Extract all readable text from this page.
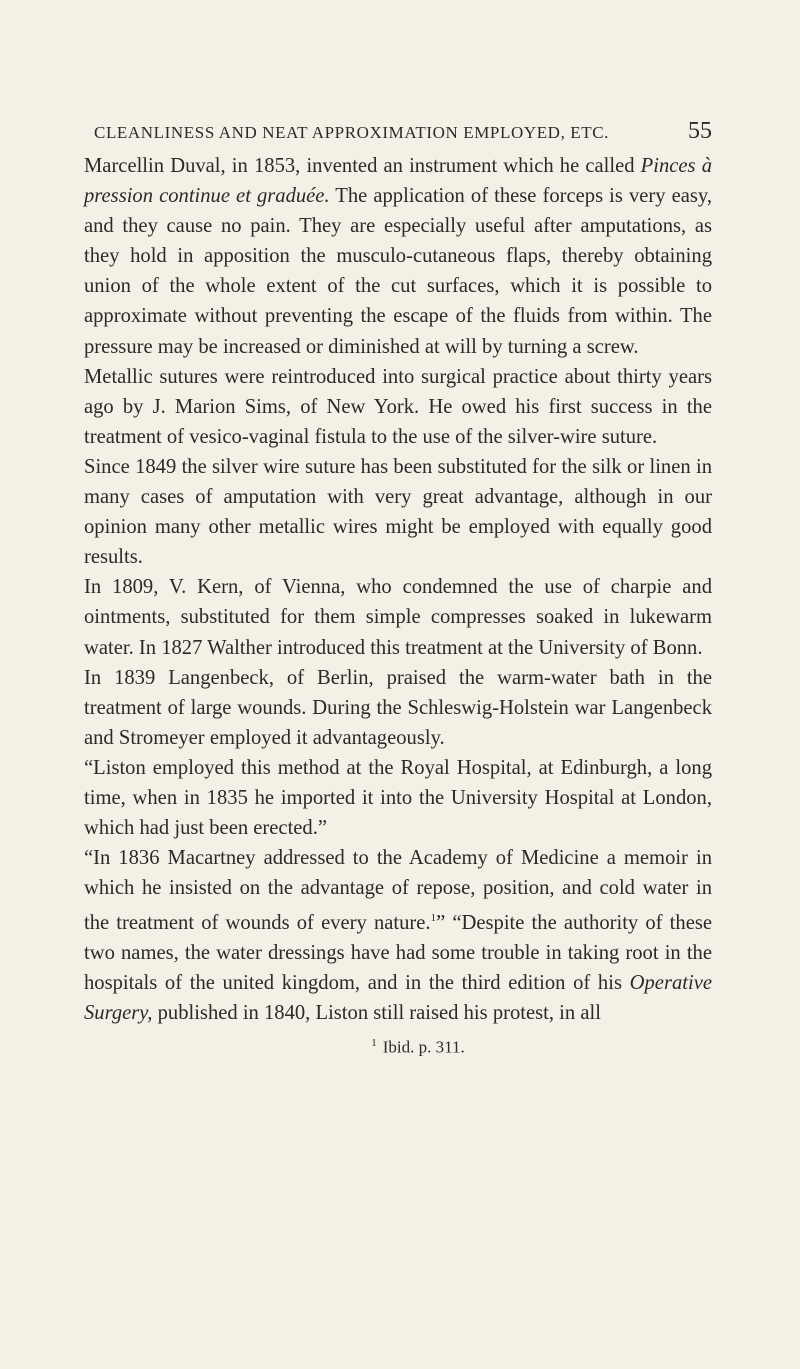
CLEANLINESS AND NEAT APPROXIMATION EMPLOYED, ETC.	55

Marcellin Duval, in 1853, invented an instrument which he called Pinces à pression continue et graduée. The application of these forceps is very easy, and they cause no pain. They are especially useful after amputations, as they hold in apposition the musculo-cutaneous flaps, thereby obtaining union of the whole extent of the cut surfaces, which it is possible to approximate without preventing the escape of the fluids from within. The pressure may be increased or diminished at will by turning a screw.

Metallic sutures were reintroduced into surgical practice about thirty years ago by J. Marion Sims, of New York. He owed his first success in the treatment of vesico-vaginal fistula to the use of the silver-wire suture.

Since 1849 the silver wire suture has been substituted for the silk or linen in many cases of amputation with very great advantage, although in our opinion many other metallic wires might be employed with equally good results.

In 1809, V. Kern, of Vienna, who condemned the use of charpie and ointments, substituted for them simple compresses soaked in lukewarm water. In 1827 Walther introduced this treatment at the University of Bonn.

In 1839 Langenbeck, of Berlin, praised the warm-water bath in the treatment of large wounds. During the Schleswig-Holstein war Langenbeck and Stromeyer employed it advantageously.

“Liston employed this method at the Royal Hospital, at Edinburgh, a long time, when in 1835 he imported it into the University Hospital at London, which had just been erected.”

“In 1836 Macartney addressed to the Academy of Medicine a memoir in which he insisted on the advantage of repose, position, and cold water in the treatment of wounds of every nature.$^1$” “Despite the authority of these two names, the water dressings have had some trouble in taking root in the hospitals of the united kingdom, and in the third edition of his Operative Surgery, published in 1840, Liston still raised his protest, in all

$^1$ Ibid. p. 311.
